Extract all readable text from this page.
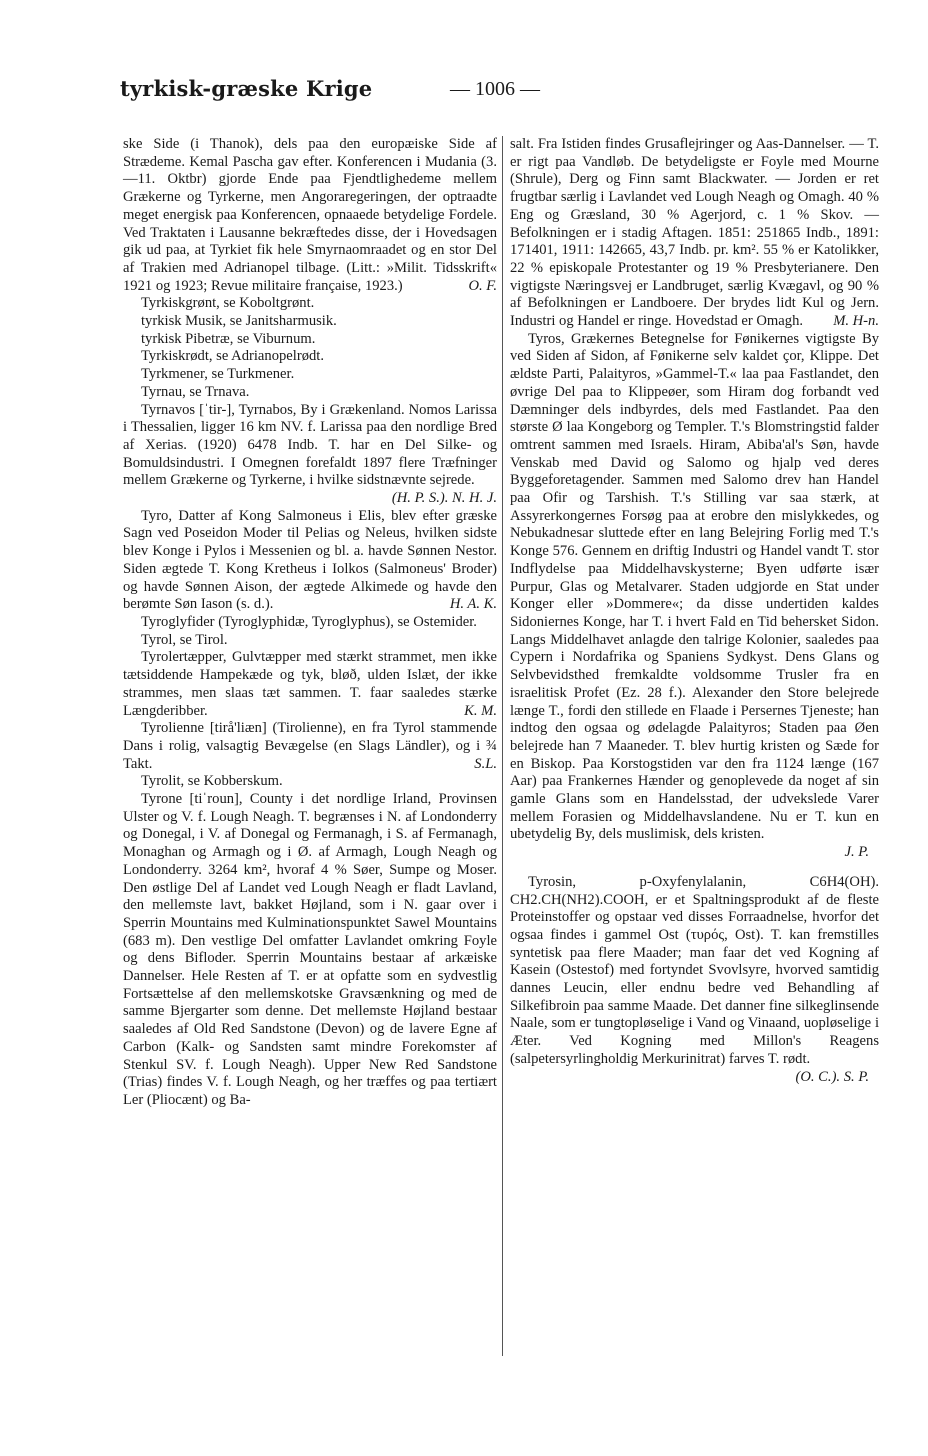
tyrkisk-græske Krige	— 1006 —

ske Side (i Thanok), dels paa den europæiske Side af Strædeme. Kemal Pascha gav efter. Konferencen i Mudania (3.—11. Oktbr) gjorde Ende paa Fjendtlighedeme mellem Grækerne og Tyrkerne, men Angoraregeringen, der optraadte meget energisk paa Konferencen, opnaaede betydelige Fordele. Ved Traktaten i Lausanne bekræftedes disse, der i Hovedsagen gik ud paa, at Tyrkiet fik hele Smyrnaomraadet og en stor Del af Trakien med Adrianopel tilbage. (Litt.: »Milit. Tidsskrift« 1921 og 1923; Revue militaire française, 1923.)	O. F.

Tyrkiskgrønt, se Koboltgrønt.

tyrkisk Musik, se Janitsharmusik.

tyrkisk Pibetræ, se Viburnum.

Tyrkiskrødt, se Adrianopelrødt.

Tyrkmener, se Turkmener.

Tyrnau, se Trnava.

Tyrnavos [ˈtir-], Tyrnabos, By i Grækenland. Nomos Larissa i Thessalien, ligger 16 km NV. f. Larissa paa den nordlige Bred af Xerias. (1920) 6478 Indb. T. har en Del Silke- og Bomuldsindustri. I Omegnen forefaldt 1897 flere Træfninger mellem Grækerne og Tyrkerne, i hvilke sidstnævnte sejrede.
(H. P. S.). N. H. J.

Tyro, Datter af Kong Salmoneus i Elis, blev efter græske Sagn ved Poseidon Moder til Pelias og Neleus, hvilken sidste blev Konge i Pylos i Messenien og bl. a. havde Sønnen Nestor. Siden ægtede T. Kong Kretheus i Iolkos (Salmoneus' Broder) og havde Sønnen Aison, der ægtede Alkimede og havde den berømte Søn Iason (s. d.).	H. A. K.

Tyroglyfider (Tyroglyphidæ, Tyroglyphus), se Ostemider.

Tyrol, se Tirol.

Tyrolertæpper, Gulvtæpper med stærkt strammet, men ikke tætsiddende Hampekæde og tyk, bløð, ulden Islæt, der ikke strammes, men slaas tæt sammen. T. faar saaledes stærke Længderibber.	K. M.

Tyrolienne [tirå'liæn] (Tirolienne), en fra Tyrol stammende Dans i rolig, valsagtig Bevægelse (en Slags Ländler), og i ¾ Takt.	S.L.

Tyrolit, se Kobberskum.

Tyrone [tiˈroun], County i det nordlige Irland, Provinsen Ulster og V. f. Lough Neagh. T. begrænses i N. af Londonderry og Donegal, i V. af Donegal og Fermanagh, i S. af Fermanagh, Monaghan og Armagh og i Ø. af Armagh, Lough Neagh og Londonderry. 3264 km², hvoraf 4 % Søer, Sumpe og Moser. Den østlige Del af Landet ved Lough Neagh er fladt Lavland, den mellemste lavt, bakket Højland, som i N. gaar over i Sperrin Mountains med Kulminationspunktet Sawel Mountains (683 m). Den vestlige Del omfatter Lavlandet omkring Foyle og dens Bifloder. Sperrin Mountains bestaar af arkæiske Dannelser. Hele Resten af T. er at opfatte som en sydvestlig Fortsættelse af den mellemskotske Gravsænkning og med de samme Bjergarter som denne. Det mellemste Højland bestaar saaledes af Old Red Sandstone (Devon) og de lavere Egne af Carbon (Kalk- og Sandsten samt mindre Forekomster af Stenkul SV. f. Lough Neagh). Upper New Red Sandstone (Trias) findes V. f. Lough Neagh, og her træffes og paa tertiært Ler (Pliocænt) og Ba-

salt. Fra Istiden findes Grusaflejringer og Aas-Dannelser. — T. er rigt paa Vandløb. De betydeligste er Foyle med Mourne (Shrule), Derg og Finn samt Blackwater. — Jorden er ret frugtbar særlig i Lavlandet ved Lough Neagh og Omagh. 40 % Eng og Græsland, 30 % Agerjord, c. 1 % Skov. — Befolkningen er i stadig Aftagen. 1851: 251865 Indb., 1891: 171401, 1911: 142665, 43,7 Indb. pr. km². 55 % er Katolikker, 22 % episkopale Protestanter og 19 % Presbyterianere. Den vigtigste Næringsvej er Landbruget, særlig Kvægavl, og 90 % af Befolkningen er Landboere. Der brydes lidt Kul og Jern. Industri og Handel er ringe. Hovedstad er Omagh. M. H-n.

Tyros, Grækernes Betegnelse for Fønikernes vigtigste By ved Siden af Sidon, af Fønikerne selv kaldet çor, Klippe. Det ældste Parti, Palaityros, »Gammel-T.« laa paa Fastlandet, den øvrige Del paa to Klippeøer, som Hiram dog forbandt ved Dæmninger dels indbyrdes, dels med Fastlandet. Paa den største Ø laa Kongeborg og Templer. T.'s Blomstringstid falder omtrent sammen med Israels. Hiram, Abiba'al's Søn, havde Venskab med David og Salomo og hjalp ved deres Byggeforetagender. Sammen med Salomo drev han Handel paa Ofir og Tarshish. T.'s Stilling var saa stærk, at Assyrerkongernes Forsøg paa at erobre den mislykkedes, og Nebukadnesar sluttede efter en lang Belejring Forlig med T.'s Konge 576. Gennem en driftig Industri og Handel vandt T. stor Indflydelse paa Middelhavskysterne; Byen udførte især Purpur, Glas og Metalvarer. Staden udgjorde en Stat under Konger eller »Dommere«; da disse undertiden kaldes Sidoniernes Konge, har T. i hvert Fald en Tid behersket Sidon. Langs Middelhavet anlagde den talrige Kolonier, saaledes paa Cypern i Nordafrika og Spaniens Sydkyst. Dens Glans og Selvbevidsthed fremkaldte voldsomme Trusler fra en israelitisk Profet (Ez. 28 f.). Alexander den Store belejrede længe T., fordi den stillede en Flaade i Persernes Tjeneste; han indtog den ogsaa og ødelagde Palaityros; Staden paa Øen belejrede han 7 Maaneder. T. blev hurtig kristen og Sæde for en Biskop. Paa Korstogstiden var den fra 1124 længe (167 Aar) paa Frankernes Hænder og genoplevede da noget af sin gamle Glans som en Handelsstad, der udvekslede Varer mellem Forasien og Middelhavslandene. Nu er T. kun en ubetydelig By, dels muslimisk, dels kristen.

J. P.

Tyrosin, p-Oxyfenylalanin, C6H4(OH). CH2.CH(NH2).COOH, er et Spaltningsprodukt af de fleste Proteinstoffer og opstaar ved disses Forraadnelse, hvorfor det ogsaa findes i gammel Ost (τυρός, Ost). T. kan fremstilles syntetisk paa flere Maader; man faar det ved Kogning af Kasein (Ostestof) med fortyndet Svovlsyre, hvorved samtidig dannes Leucin, eller endnu bedre ved Behandling af Silkefibroin paa samme Maade. Det danner fine silkeglinsende Naale, som er tungtopløselige i Vand og Vinaand, uopløselige i Æter. Ved Kogning med Millon's Reagens (salpetersyrlingholdig Merkurinitrat) farves T. rødt.

(O. C.). S. P.
